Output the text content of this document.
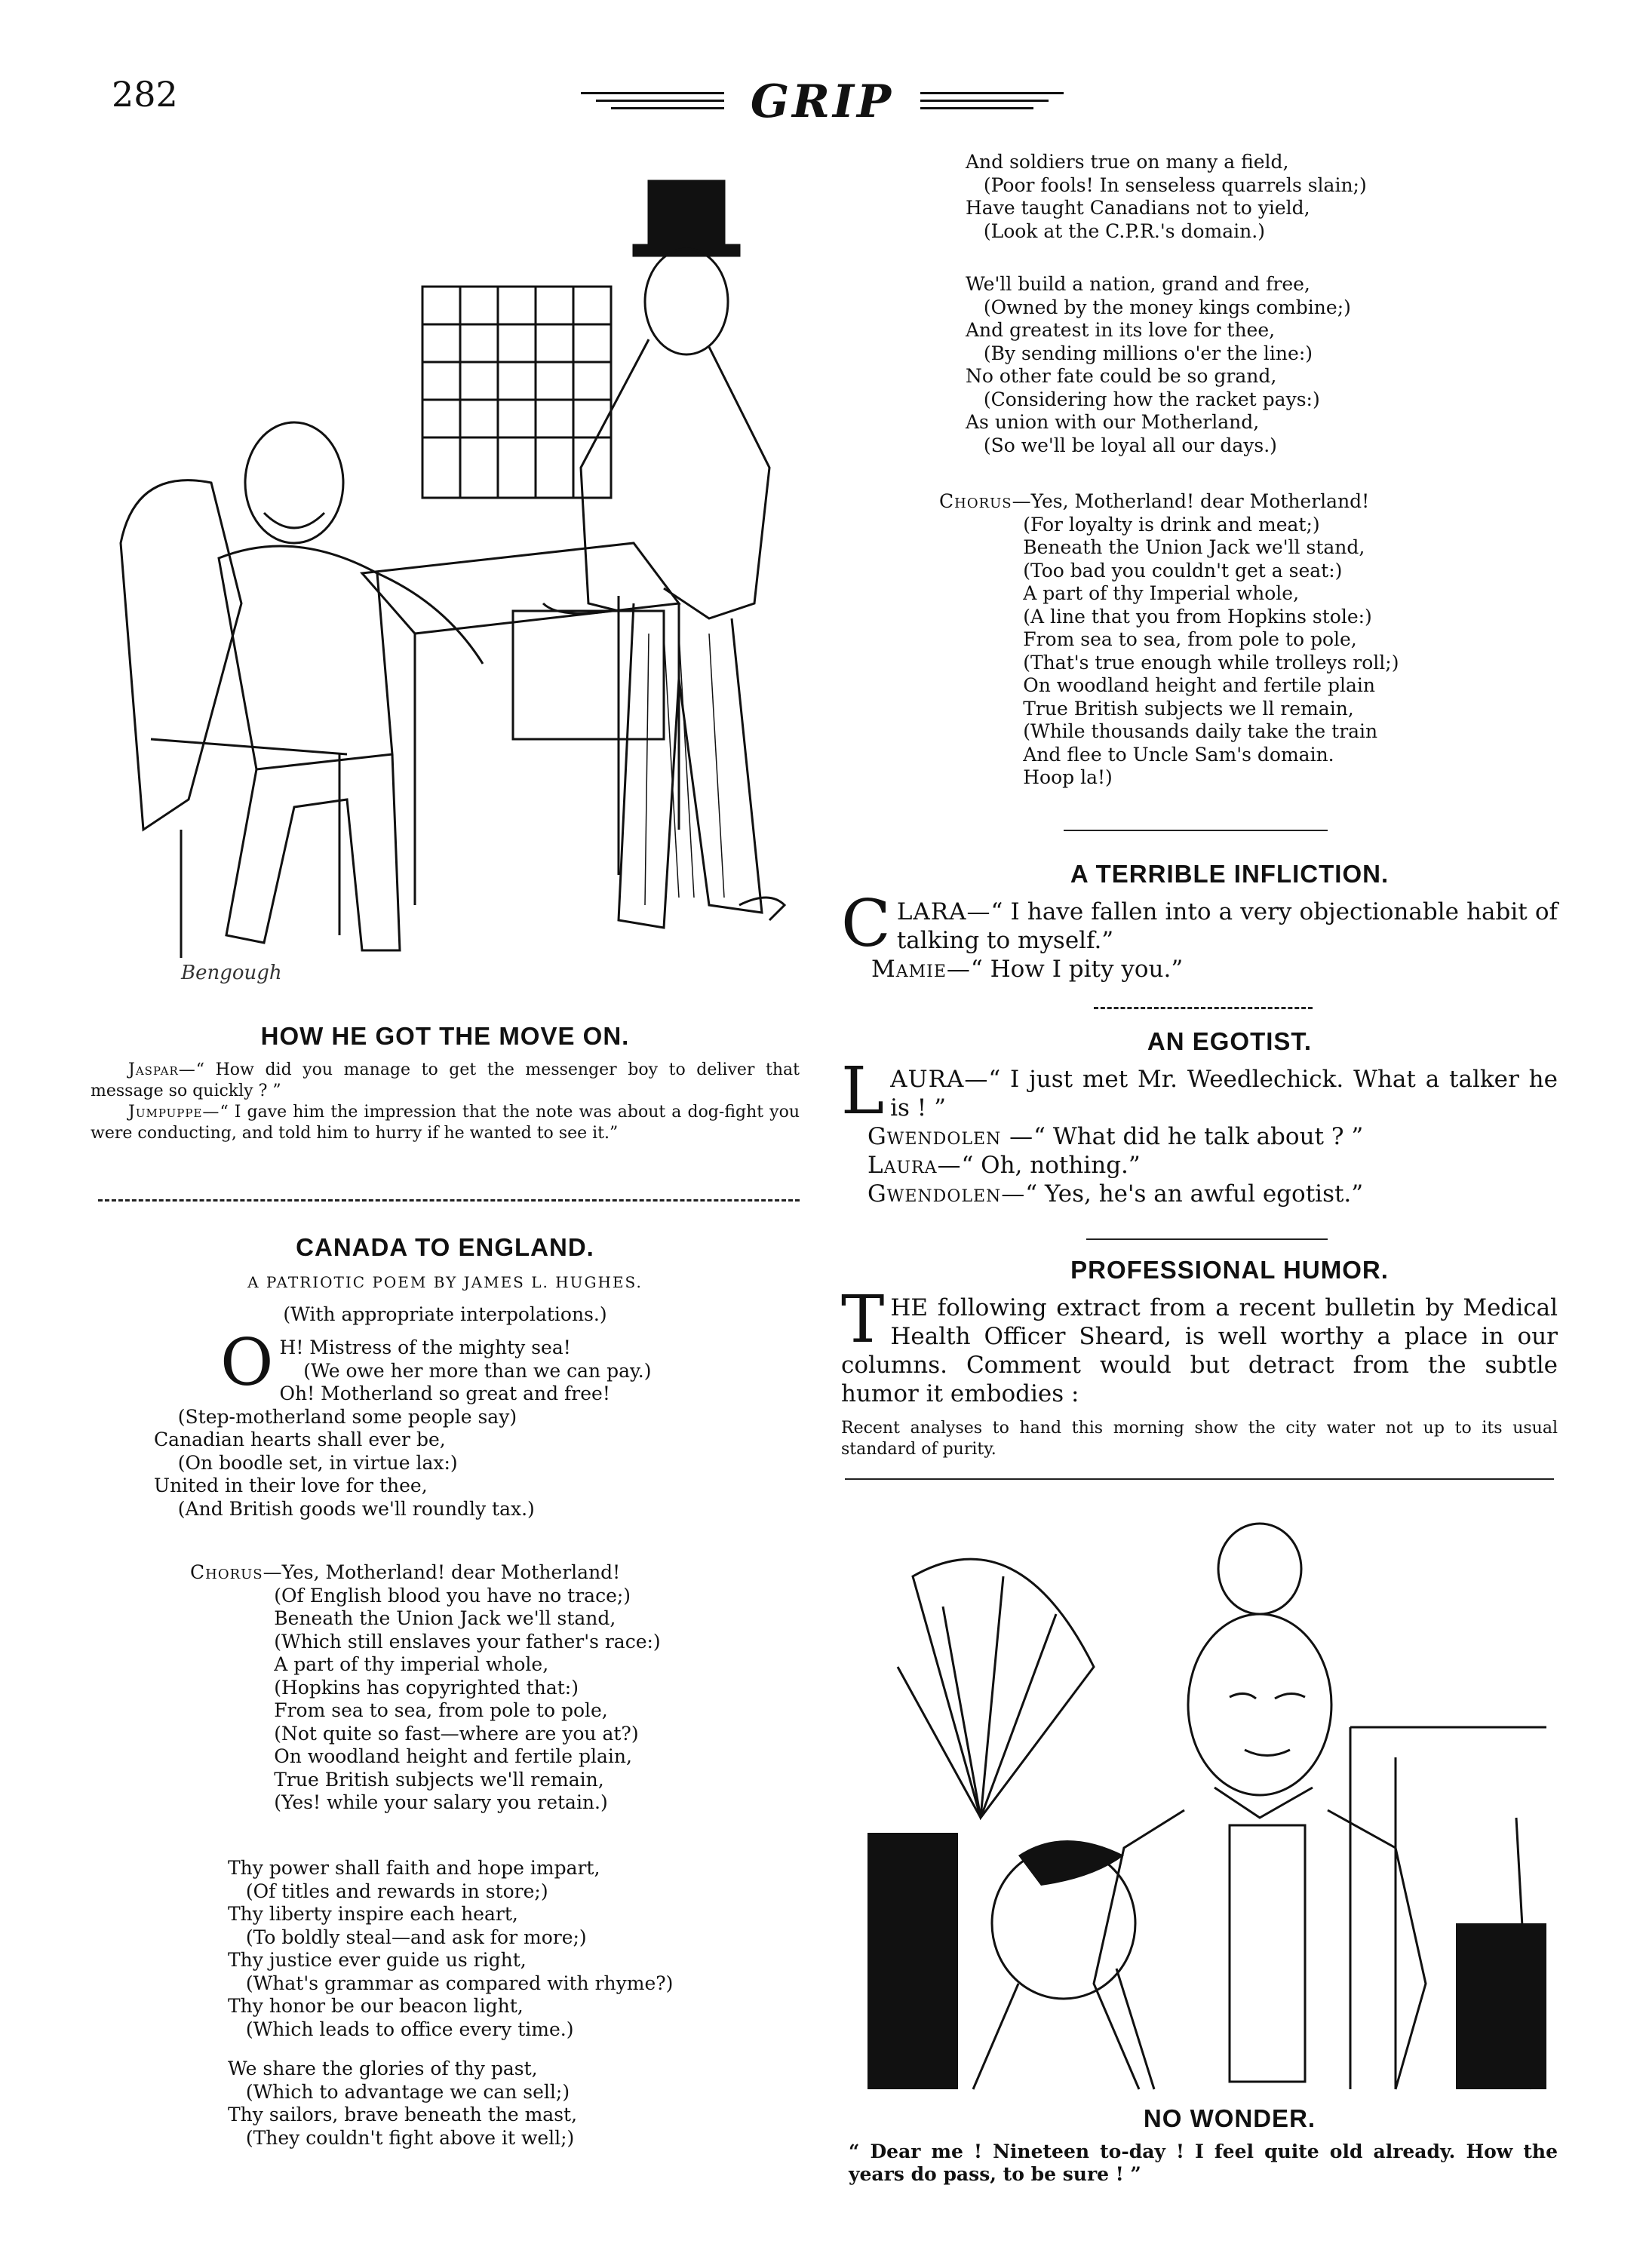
282	GRIP
Bengough
HOW HE GOT THE MOVE ON.

Jaspar—“ How did you manage to get the messenger boy to deliver that message so quickly ? ”

Jumpuppe—“ I gave him the impression that the note was about a dog-fight you were conducting, and told him to hurry if he wanted to see it.”

CANADA TO ENGLAND.
A PATRIOTIC POEM BY JAMES L. HUGHES.
(With appropriate interpolations.)
O H! Mistress of the mighty sea!
(We owe her more than we can pay.)
Oh! Motherland so great and free!
(Step-motherland some people say)
Canadian hearts shall ever be,
(On boodle set, in virtue lax:)
United in their love for thee,
(And British goods we'll roundly tax.)
Chorus—Yes, Motherland! dear Motherland!
(Of English blood you have no trace;)
Beneath the Union Jack we'll stand,
(Which still enslaves your father's race:)
A part of thy imperial whole,
(Hopkins has copyrighted that:)
From sea to sea, from pole to pole,
(Not quite so fast—where are you at?)
On woodland height and fertile plain,
True British subjects we'll remain,
(Yes! while your salary you retain.)
Thy power shall faith and hope impart,
(Of titles and rewards in store;)
Thy liberty inspire each heart,
(To boldly steal—and ask for more;)
Thy justice ever guide us right,
(What's grammar as compared with rhyme?)
Thy honor be our beacon light,
(Which leads to office every time.)
We share the glories of thy past,
(Which to advantage we can sell;)
Thy sailors, brave beneath the mast,
(They couldn't fight above it well;)
And soldiers true on many a field,
(Poor fools! In senseless quarrels slain;)
Have taught Canadians not to yield,
(Look at the C.P.R.'s domain.)
We'll build a nation, grand and free,
(Owned by the money kings combine;)
And greatest in its love for thee,
(By sending millions o'er the line:)
No other fate could be so grand,
(Considering how the racket pays:)
As union with our Motherland,
(So we'll be loyal all our days.)
Chorus—Yes, Motherland! dear Motherland!
(For loyalty is drink and meat;)
Beneath the Union Jack we'll stand,
(Too bad you couldn't get a seat:)
A part of thy Imperial whole,
(A line that you from Hopkins stole:)
From sea to sea, from pole to pole,
(That's true enough while trolleys roll;)
On woodland height and fertile plain
True British subjects we ll remain,
(While thousands daily take the train
And flee to Uncle Sam's domain.
Hoop la!)
A TERRIBLE INFLICTION.

CLARA—“ I have fallen into a very objectionable habit of talking to myself.”

Mamie—“ How I pity you.”

AN EGOTIST.

LAURA—“ I just met Mr. Weedlechick. What a talker he is ! ”

Gwendolen —“ What did he talk about ? ”

Laura—“ Oh, nothing.”

Gwendolen—“ Yes, he's an awful egotist.”

PROFESSIONAL HUMOR.
THE following extract from a recent bulletin by Medical Health Officer Sheard, is well worthy a place in our columns. Comment would but detract from the subtle humor it embodies :
Recent analyses to hand this morning show the city water not up to its usual standard of purity.
NO WONDER.
“ Dear me ! Nineteen to-day ! I feel quite old already. How the years do pass, to be sure ! ”
